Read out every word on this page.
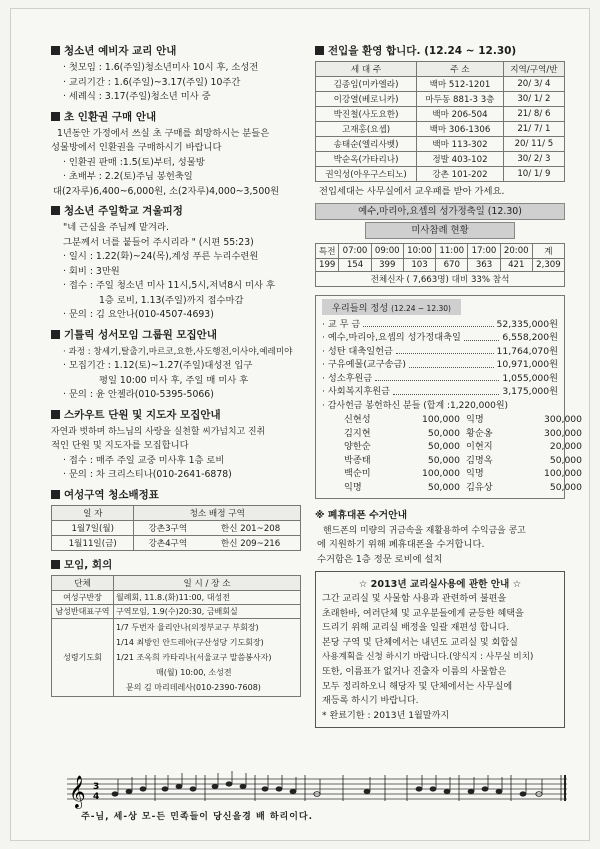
청소년 예비자 교리 안내
· 첫모임 : 1.6(주일)청소년미사 10시 후, 소성전
· 교리기간 : 1.6(주일)~3.17(주일) 10주간
· 세례식 : 3.17(주일)청소년 미사 중
초 인환권 구매 안내
1년동안 가정에서 쓰실 초 구매를 희망하시는 분들은
성물방에서 인환권을 구매하시기 바랍니다
· 인환권 판매 :1.5(토)부터, 성물방
· 초배부 : 2.2(토)주님 봉헌축일
대(2자루)6,400~6,000원, 소(2자루)4,000~3,500원
청소년 주일학교 겨울피정
"네 근심을 주님께 맡겨라.
그분께서 너를 붙들어 주시리라 " (시편 55:23)
· 일시 : 1.22(화)~24(목),계성 푸른 누리수련원
· 회비 : 3만원
· 접수 : 주일 청소년 미사 11시,5시,저녁8시 미사 후
1층 로비, 1.13(주일)까지 접수마감
· 문의 : 김 요안나(010-4507-4693)
기틀릭 성서모임 그룹원 모집안내
· 과정 : 창세기,탈출기,마르코,요한,사도행전,이사야,예레미야
· 모집기간 : 1.12(토)~1.27(주일)대성전 입구
평일 10:00 미사 후, 주일 매 미사 후
· 문의 : 윤 안젤라(010-5395-5066)
스카우트 단원 및 지도자 모집안내
자연과 벗하며 하느님의 사랑을 실천할 씨가넘치고 진취
적인 단원 및 지도자를 모집합니다
· 접수 : 매주 주일 교중 미사후 1층 로비
· 문의 : 차 크리스티나(010-2641-6878)
여성구역 청소배정표
일 자	청소 배정 구역	
1월7일(월)	강촌3구역	한신 201~208
1월11일(금)	강촌4구역	한신 209~216
모임, 회의
단체	일 시 / 장 소
여성구반장	월례회, 11.8.(화)11:00, 대성전
남성반대표구역	구역모임, 1.9(수)20:30, 금배회실
성령기도회	1/7 두번자 율리안나(의정부교구 부회장)
1/14 최방인 안드레아(구산성당 기도회장)
1/21 조옥희 카타리나(서울교구 말씀봉사자)
매(월) 10:00, 소성전
문의 김 마리데레사(010-2390-7608)
전입을 환영 합니다. (12.24 ~ 12.30)
세 대 주	주 소	지역/구역/반
김종임(미카엘라)	백마 512-1201	20/ 3/ 4
이강열(베로니카)	마두동 881-3 3층	30/ 1/ 2
박진철(사도요한)	백마 206-504	21/ 8/ 6
고재홍(요셉)	백마 306-1306	21/ 7/ 1
송태순(엘리사벳)	백마 113-302	20/ 11/ 5
박순옥(가타리나)	정발 403-102	30/ 2/ 3
권익성(아우구스티노)	강촌 101-202	10/ 1/ 9
전입세대는 사무실에서 교우패를 받아 가세요.
예수,마리아,요셉의 성가정축일 (12.30)
미사참례 현황
특전	07:00	09:00	10:00	11:00	17:00	20:00	계
199	154	399	103	670	363	421	2,309
전체신자 ( 7,663명) 대비 33% 참석							
우리들의 정성 (12.24 ~ 12.30)
· 교 무 금	52,335,000원
· 예수,마리아,요셉의 성가정대축일	6,558,200원
· 성탄 대축일헌금	11,764,070원
· 구유예물(교구송금)	10,971,000원
· 성소후원금	1,055,000원
· 사회복지후원금	3,175,000원
· 감사헌금 봉헌하신 분들 (합계 :1,220,000원)
신현성	100,000 익명	300,000
김지현	50,000 황순옹	300,000
양한순	50,000 이현지	20,000
박종태	50,000 김명옥	50,000
백순미	100,000 익명	100,000
익명	50,000 김유상	50,000
※ 폐휴대폰 수거안내
핸드폰의 미량의 귀금속을 재활용하여 수익금을 콩고
에 지원하기 위해 폐휴대폰을 수거합니다.
수거함은 1층 정문 로비에 설치
☆ 2013년 교리실사용에 관한 안내 ☆
그간 교리실 및 사물함 사용과 관련하여 불편을
초래한바, 여러단체 및 교우분들에게 균등한 혜택을
드리기 위해 교리실 배정을 일괄 재편성 합니다.
본당 구역 및 단체에서는 내년도 교리실 및 회합실
사용계획을 신청 하시기 바랍니다.(양식지 : 사무실 비치)
또한, 이름표가 없거나 진출자 이름의 사물함은
모두 정리하오니 해당자 및 단체에서는 사무실에
재등록 하시기 바랍니다.
* 완료기한 : 2013년 1월말까지
𝄞 3
4
주-님, 세-상 모-든 민족들이 당신을경 배 하리이다.
